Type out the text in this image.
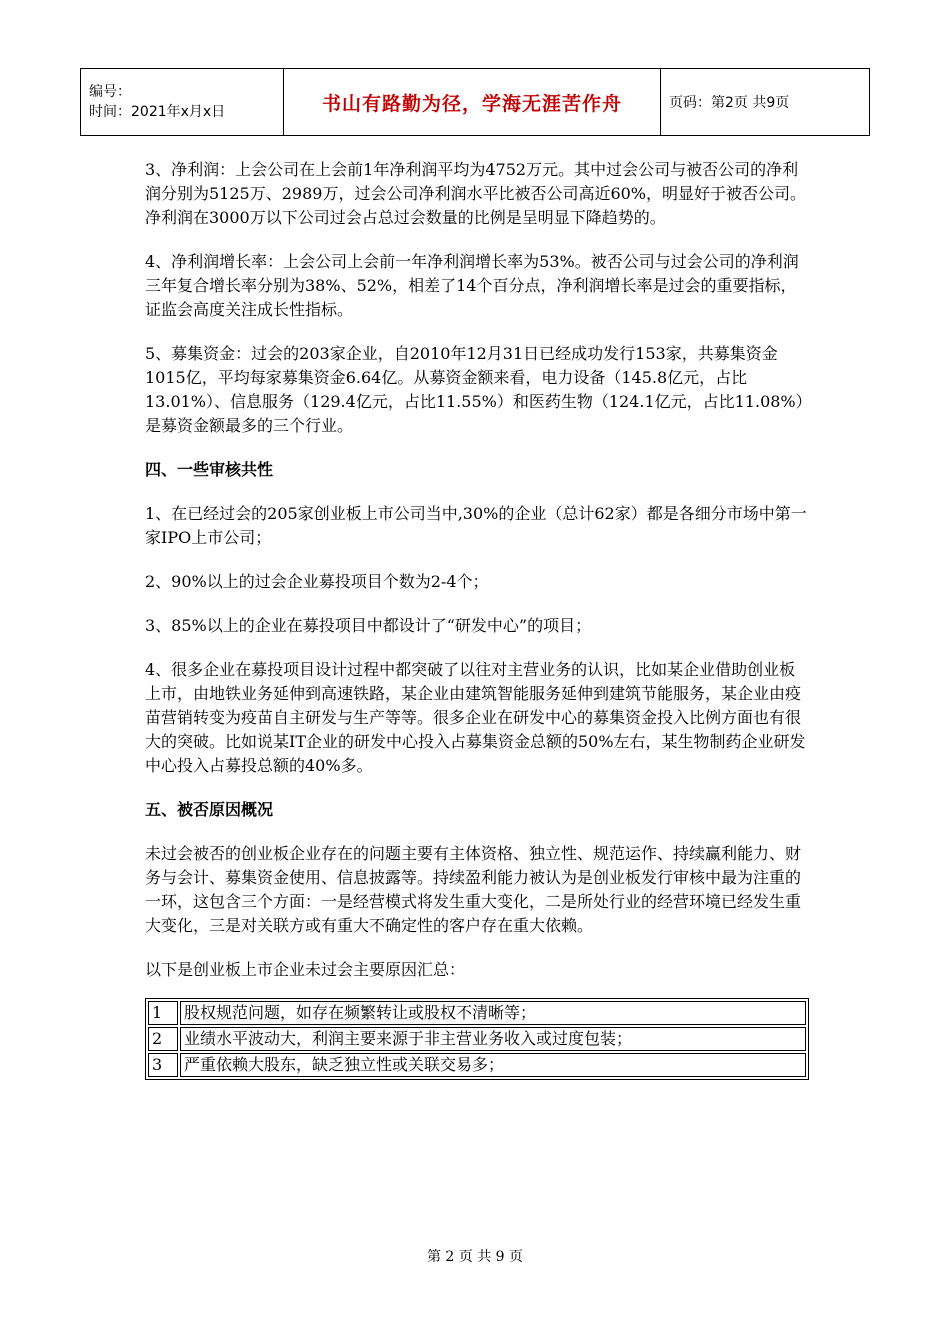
编号：
时间：2021年x月x日	书山有路勤为径，学海无涯苦作舟	页码：第2页 共9页

3、净利润：上会公司在上会前1年净利润平均为4752万元。其中过会公司与被否公司的净利润分别为5125万、2989万，过会公司净利润水平比被否公司高近60%，明显好于被否公司。净利润在3000万以下公司过会占总过会数量的比例是呈明显下降趋势的。

4、净利润增长率：上会公司上会前一年净利润增长率为53%。被否公司与过会公司的净利润三年复合增长率分别为38%、52%，相差了14个百分点，净利润增长率是过会的重要指标，证监会高度关注成长性指标。

5、募集资金：过会的203家企业，自2010年12月31日已经成功发行153家，共募集资金1015亿，平均每家募集资金6.64亿。从募资金额来看，电力设备（145.8亿元，占比13.01%）、信息服务（129.4亿元，占比11.55%）和医药生物（124.1亿元，占比11.08%）是募资金额最多的三个行业。

四、一些审核共性

1、在已经过会的205家创业板上市公司当中,30%的企业（总计62家）都是各细分市场中第一家IPO上市公司；

2、90%以上的过会企业募投项目个数为2-4个；

3、85%以上的企业在募投项目中都设计了“研发中心”的项目；

4、很多企业在募投项目设计过程中都突破了以往对主营业务的认识，比如某企业借助创业板上市，由地铁业务延伸到高速铁路，某企业由建筑智能服务延伸到建筑节能服务，某企业由疫苗营销转变为疫苗自主研发与生产等等。很多企业在研发中心的募集资金投入比例方面也有很大的突破。比如说某IT企业的研发中心投入占募集资金总额的50%左右，某生物制药企业研发中心投入占募投总额的40%多。

五、被否原因概况

未过会被否的创业板企业存在的问题主要有主体资格、独立性、规范运作、持续赢利能力、财务与会计、募集资金使用、信息披露等。持续盈利能力被认为是创业板发行审核中最为注重的一环，这包含三个方面：一是经营模式将发生重大变化，二是所处行业的经营环境已经发生重大变化，三是对关联方或有重大不确定性的客户存在重大依赖。

以下是创业板上市企业未过会主要原因汇总：

1	股权规范问题，如存在频繁转让或股权不清晰等；
2	业绩水平波动大，利润主要来源于非主营业务收入或过度包装；
3	严重依赖大股东，缺乏独立性或关联交易多；
第 2 页 共 9 页
